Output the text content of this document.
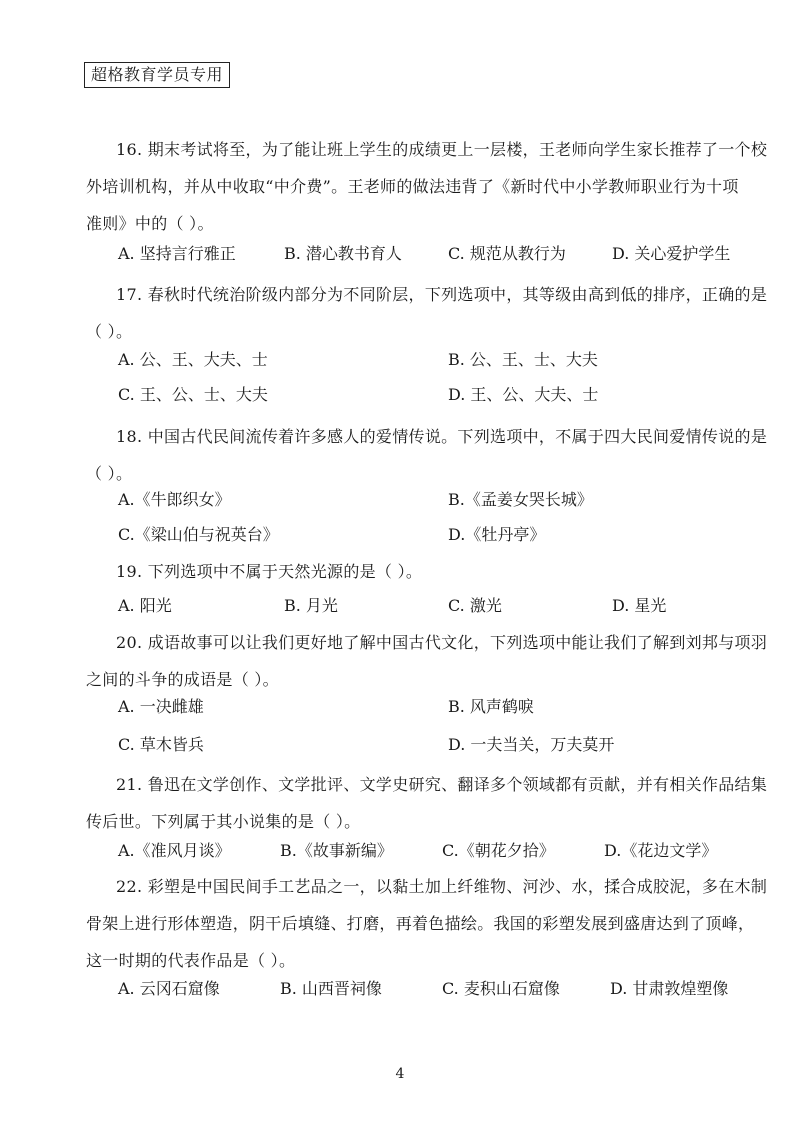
超格教育学员专用
16. 期末考试将至，为了能让班上学生的成绩更上一层楼，王老师向学生家长推荐了一个校
外培训机构，并从中收取“中介费”。王老师的做法违背了《新时代中小学教师职业行为十项
准则》中的（ ）。
A. 坚持言行雅正	B. 潜心教书育人	C. 规范从教行为	D. 关心爱护学生
17. 春秋时代统治阶级内部分为不同阶层，下列选项中，其等级由高到低的排序，正确的是
（ ）。
A. 公、王、大夫、士	B. 公、王、士、大夫
C. 王、公、士、大夫	D. 王、公、大夫、士
18. 中国古代民间流传着许多感人的爱情传说。下列选项中，不属于四大民间爱情传说的是
（ ）。
A.《牛郎织女》	B.《孟姜女哭长城》
C.《梁山伯与祝英台》	D.《牡丹亭》
19. 下列选项中不属于天然光源的是（ ）。
A. 阳光	B. 月光	C. 激光	D. 星光
20. 成语故事可以让我们更好地了解中国古代文化，下列选项中能让我们了解到刘邦与项羽
之间的斗争的成语是（ ）。
A. 一决雌雄	B. 风声鹤唳
C. 草木皆兵	D. 一夫当关，万夫莫开
21. 鲁迅在文学创作、文学批评、文学史研究、翻译多个领域都有贡献，并有相关作品结集
传后世。下列属于其小说集的是（ ）。
A.《准风月谈》	B.《故事新编》	C.《朝花夕拾》	D.《花边文学》
22. 彩塑是中国民间手工艺品之一，以黏土加上纤维物、河沙、水，揉合成胶泥，多在木制
骨架上进行形体塑造，阴干后填缝、打磨，再着色描绘。我国的彩塑发展到盛唐达到了顶峰，
这一时期的代表作品是（ ）。
A. 云冈石窟像	B. 山西晋祠像	C. 麦积山石窟像	D. 甘肃敦煌塑像
4
